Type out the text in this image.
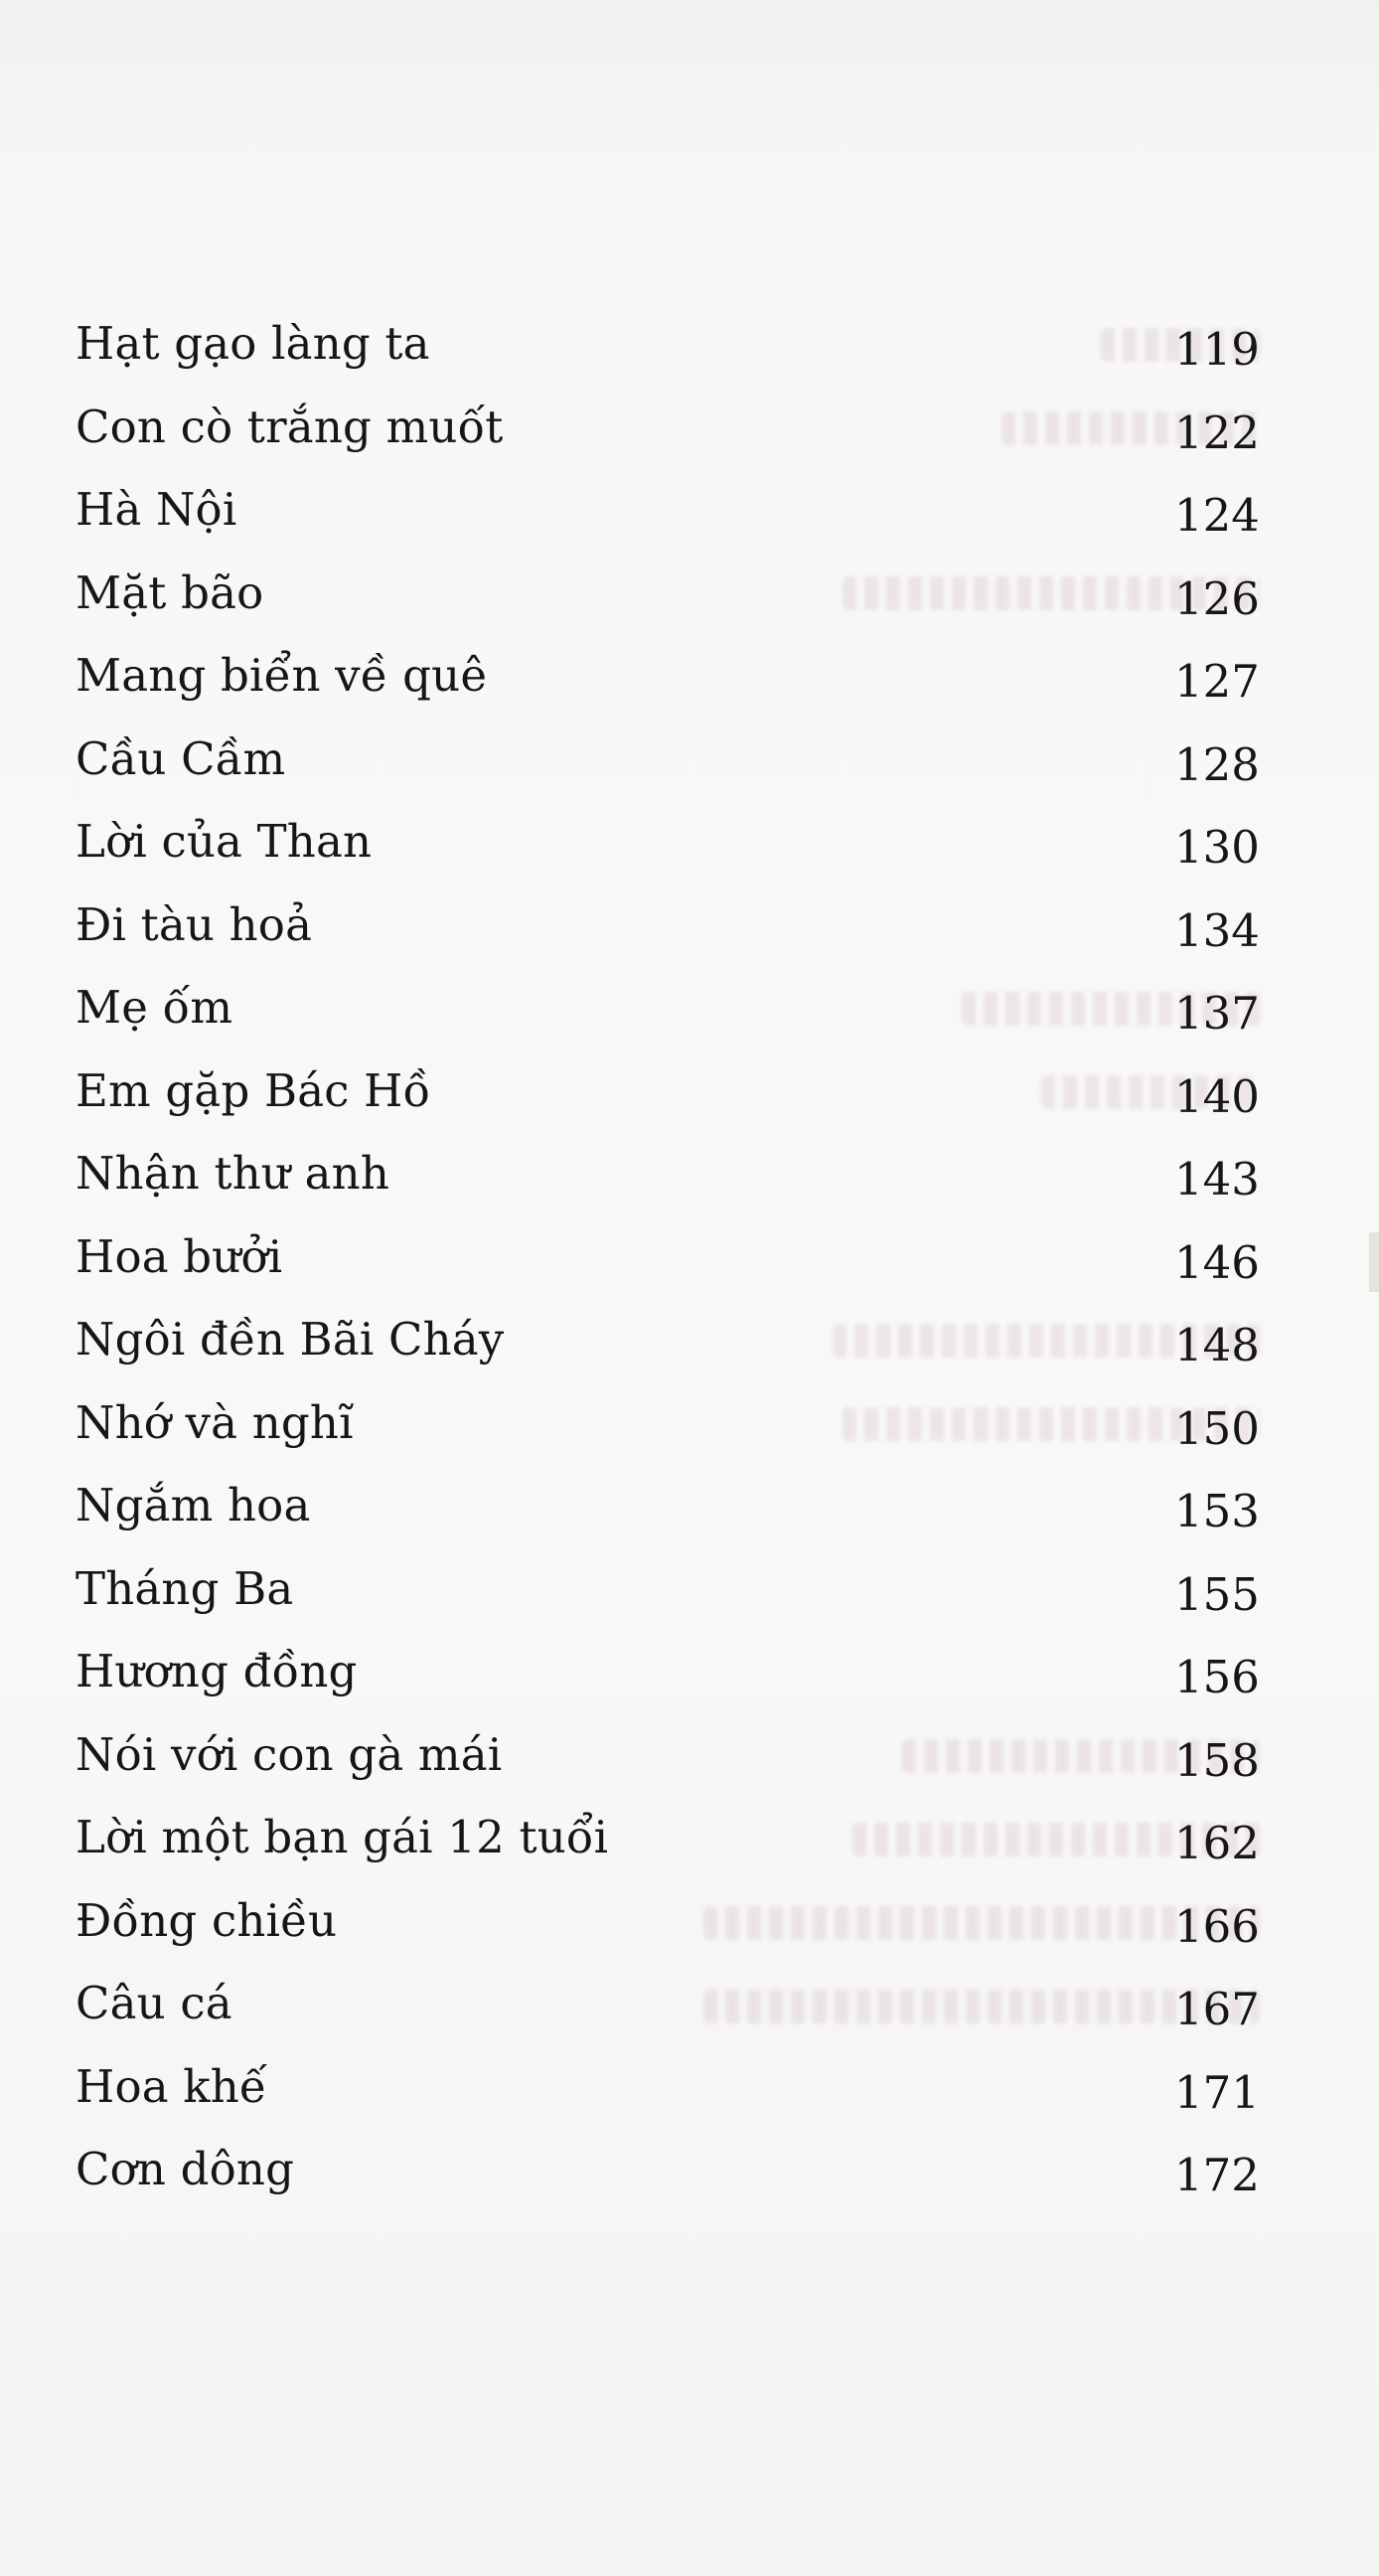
Hạt gạo làng ta	119
Con cò trắng muốt	122
Hà Nội	124
Mặt bão	126
Mang biển về quê	127
Cầu Cầm	128
Lời của Than	130
Đi tàu hoả	134
Mẹ ốm	137
Em gặp Bác Hồ	140
Nhận thư anh	143
Hoa bưởi	146
Ngôi đền Bãi Cháy	148
Nhớ và nghĩ	150
Ngắm hoa	153
Tháng Ba	155
Hương đồng	156
Nói với con gà mái	158
Lời một bạn gái 12 tuổi	162
Đồng chiều	166
Câu cá	167
Hoa khế	171
Cơn dông	172
